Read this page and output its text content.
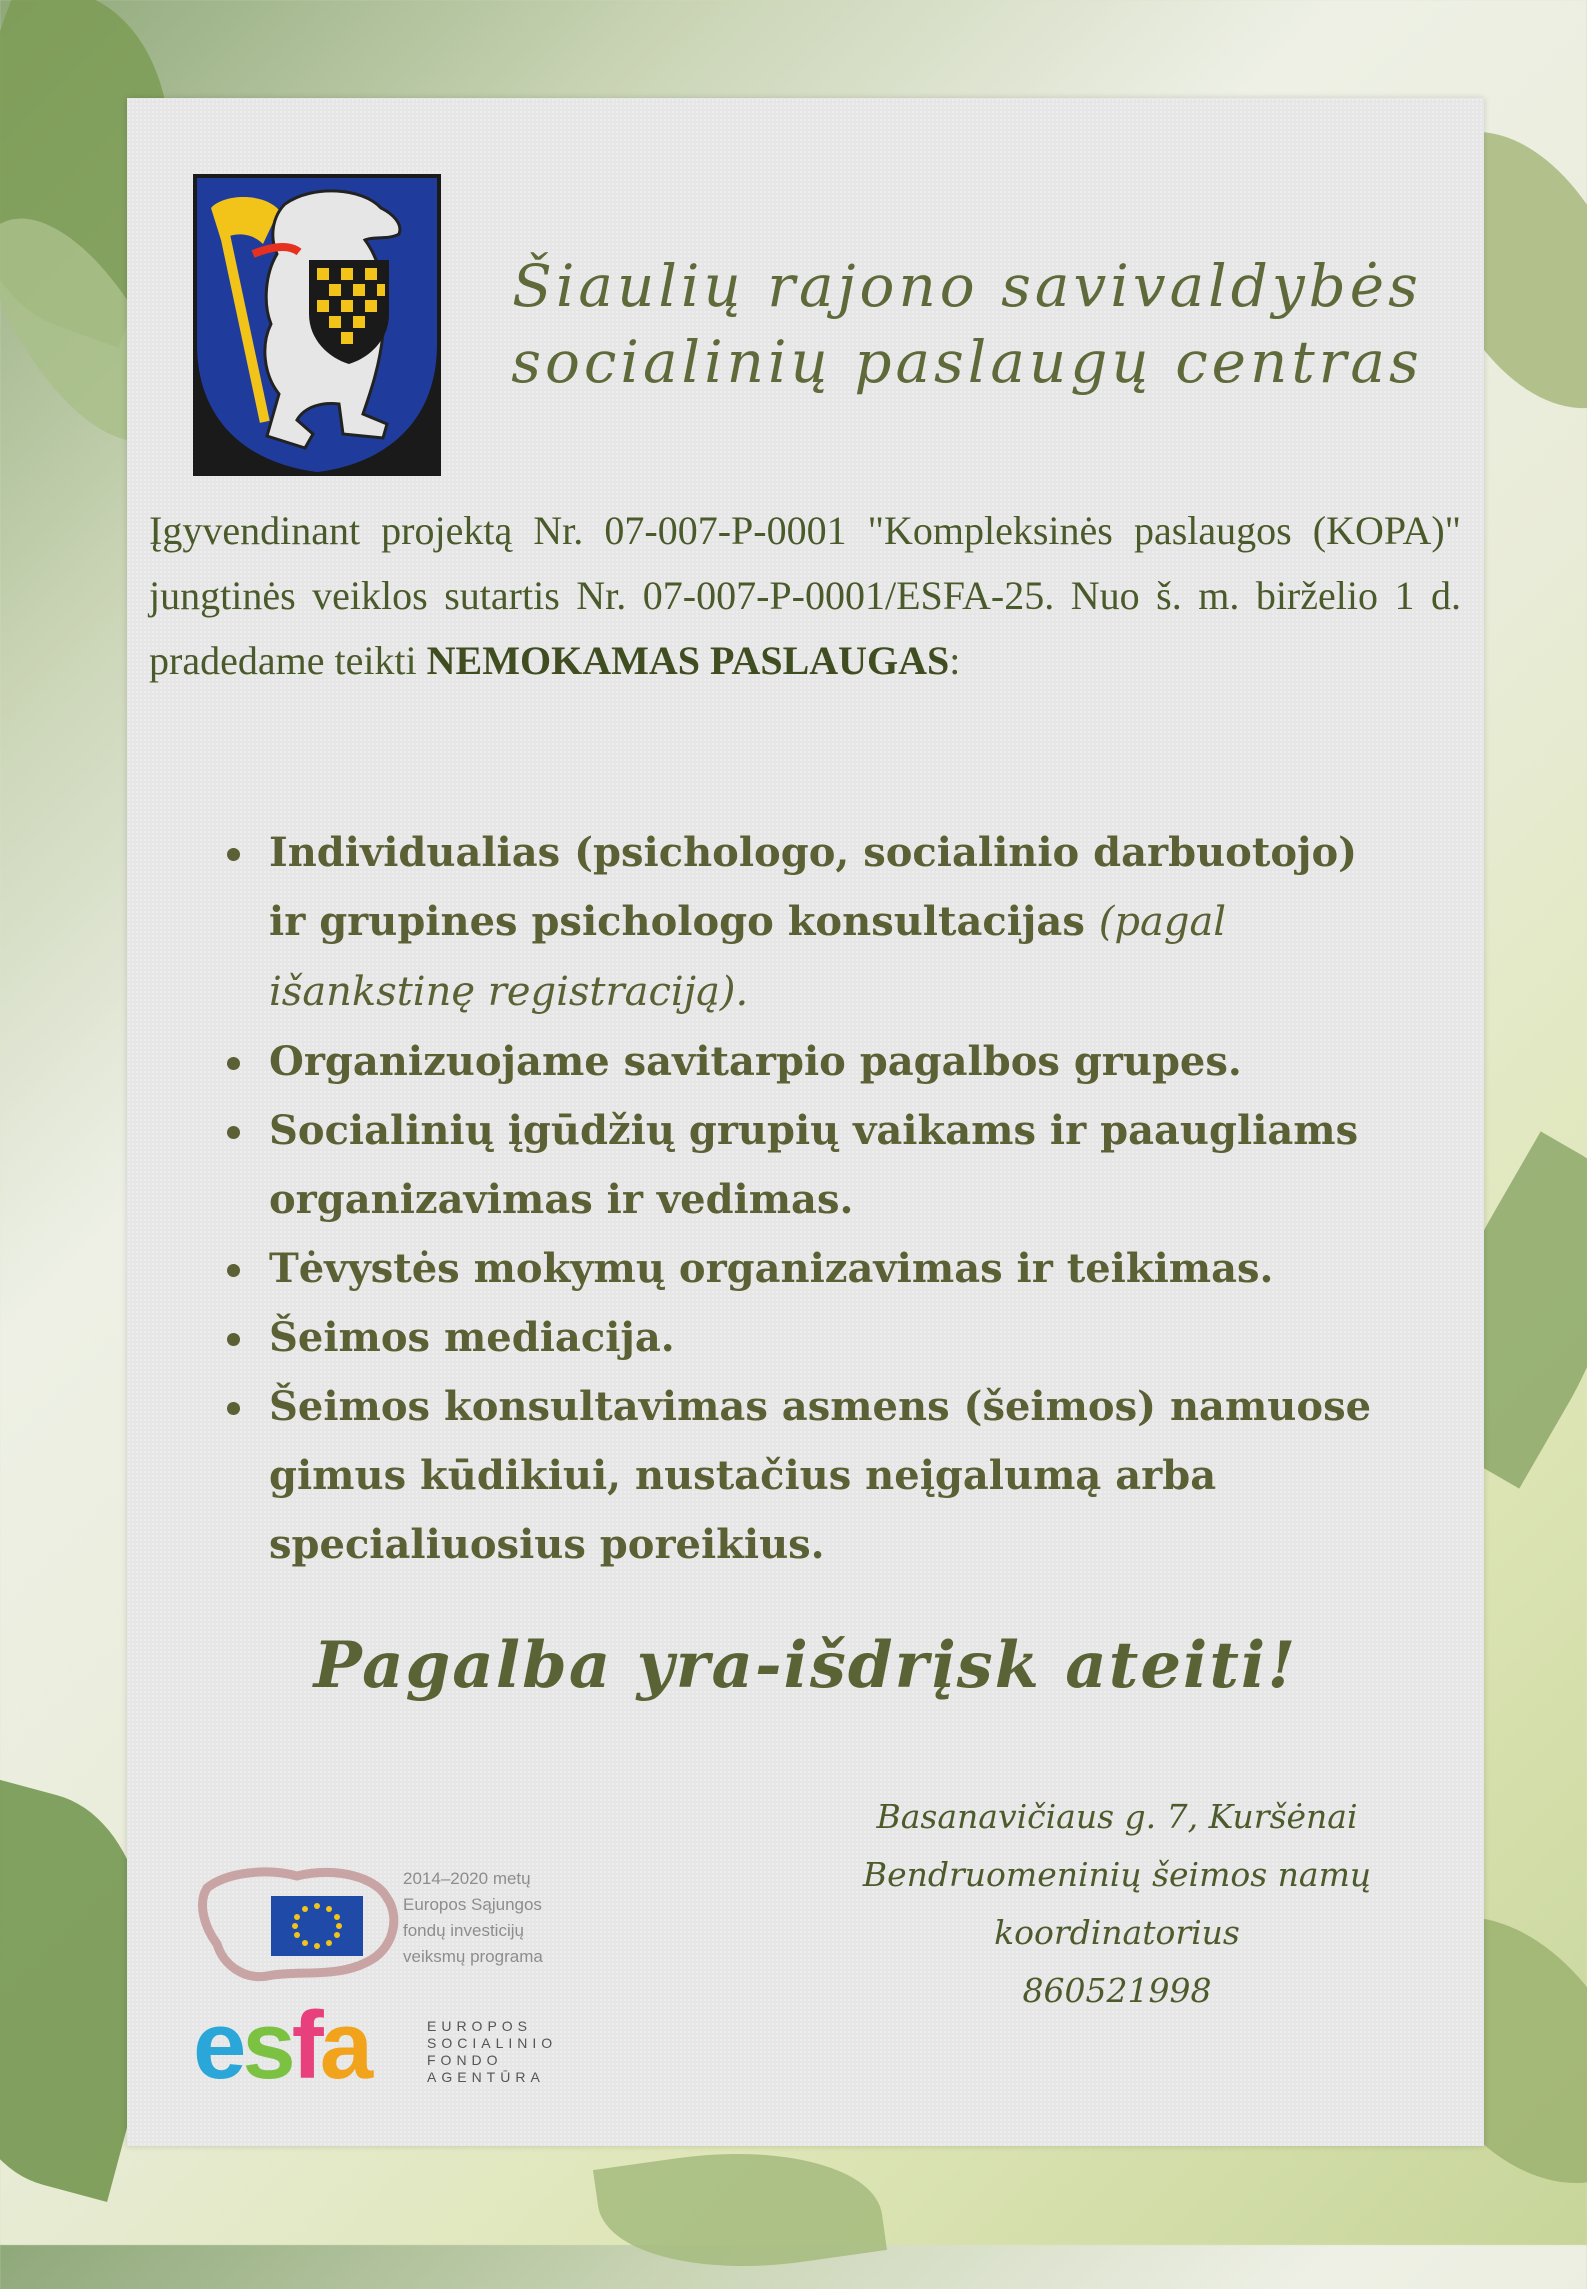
Šiaulių rajono savivaldybės
socialinių paslaugų centras
Įgyvendinant projektą Nr. 07-007-P-0001 "Kompleksinės paslaugos (KOPA)" jungtinės veiklos sutartis Nr. 07-007-P-0001/ESFA-25. Nuo š. m. birželio 1 d. pradedame teikti NEMOKAMAS PASLAUGAS:
Individualias (psichologo, socialinio darbuotojo) ir grupines psichologo konsultacijas (pagal išankstinę registraciją).
Organizuojame savitarpio pagalbos grupes.
Socialinių įgūdžių grupių vaikams ir paaugliams organizavimas ir vedimas.
Tėvystės mokymų organizavimas ir teikimas.
Šeimos mediacija.
Šeimos konsultavimas asmens (šeimos) namuose gimus kūdikiui, nustačius neįgalumą arba specialiuosius poreikius.
Pagalba yra-išdrįsk ateiti!
Basanavičiaus g. 7, Kuršėnai
Bendruomeninių šeimos namų koordinatorius
860521998
2014–2020 metų
Europos Sąjungos
fondų investicijų
veiksmų programa
esfa	EUROPOS
SOCIALINIO
FONDO
AGENTŪRA
